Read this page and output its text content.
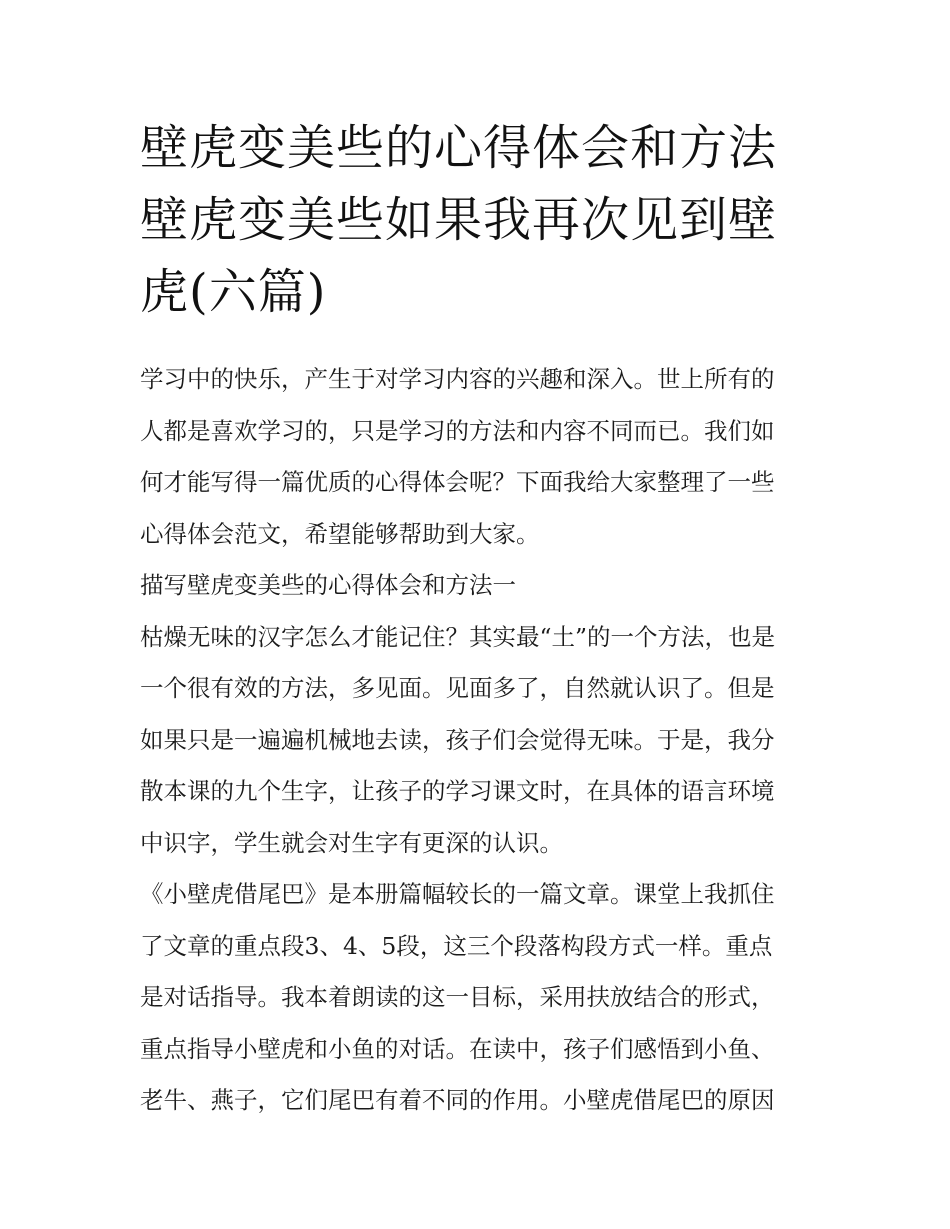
壁虎变美些的心得体会和方法
壁虎变美些如果我再次见到壁
虎(六篇)
学习中的快乐，产生于对学习内容的兴趣和深入。世上所有的
人都是喜欢学习的，只是学习的方法和内容不同而已。我们如
何才能写得一篇优质的心得体会呢？下面我给大家整理了一些
心得体会范文，希望能够帮助到大家。
描写壁虎变美些的心得体会和方法一
枯燥无味的汉字怎么才能记住？其实最“土”的一个方法，也是
一个很有效的方法，多见面。见面多了，自然就认识了。但是
如果只是一遍遍机械地去读，孩子们会觉得无味。于是，我分
散本课的九个生字，让孩子的学习课文时，在具体的语言环境
中识字，学生就会对生字有更深的认识。
《小壁虎借尾巴》是本册篇幅较长的一篇文章。课堂上我抓住
了文章的重点段3、4、5段，这三个段落构段方式一样。重点
是对话指导。我本着朗读的这一目标，采用扶放结合的形式，
重点指导小壁虎和小鱼的对话。在读中，孩子们感悟到小鱼、
老牛、燕子，它们尾巴有着不同的作用。小壁虎借尾巴的原因
